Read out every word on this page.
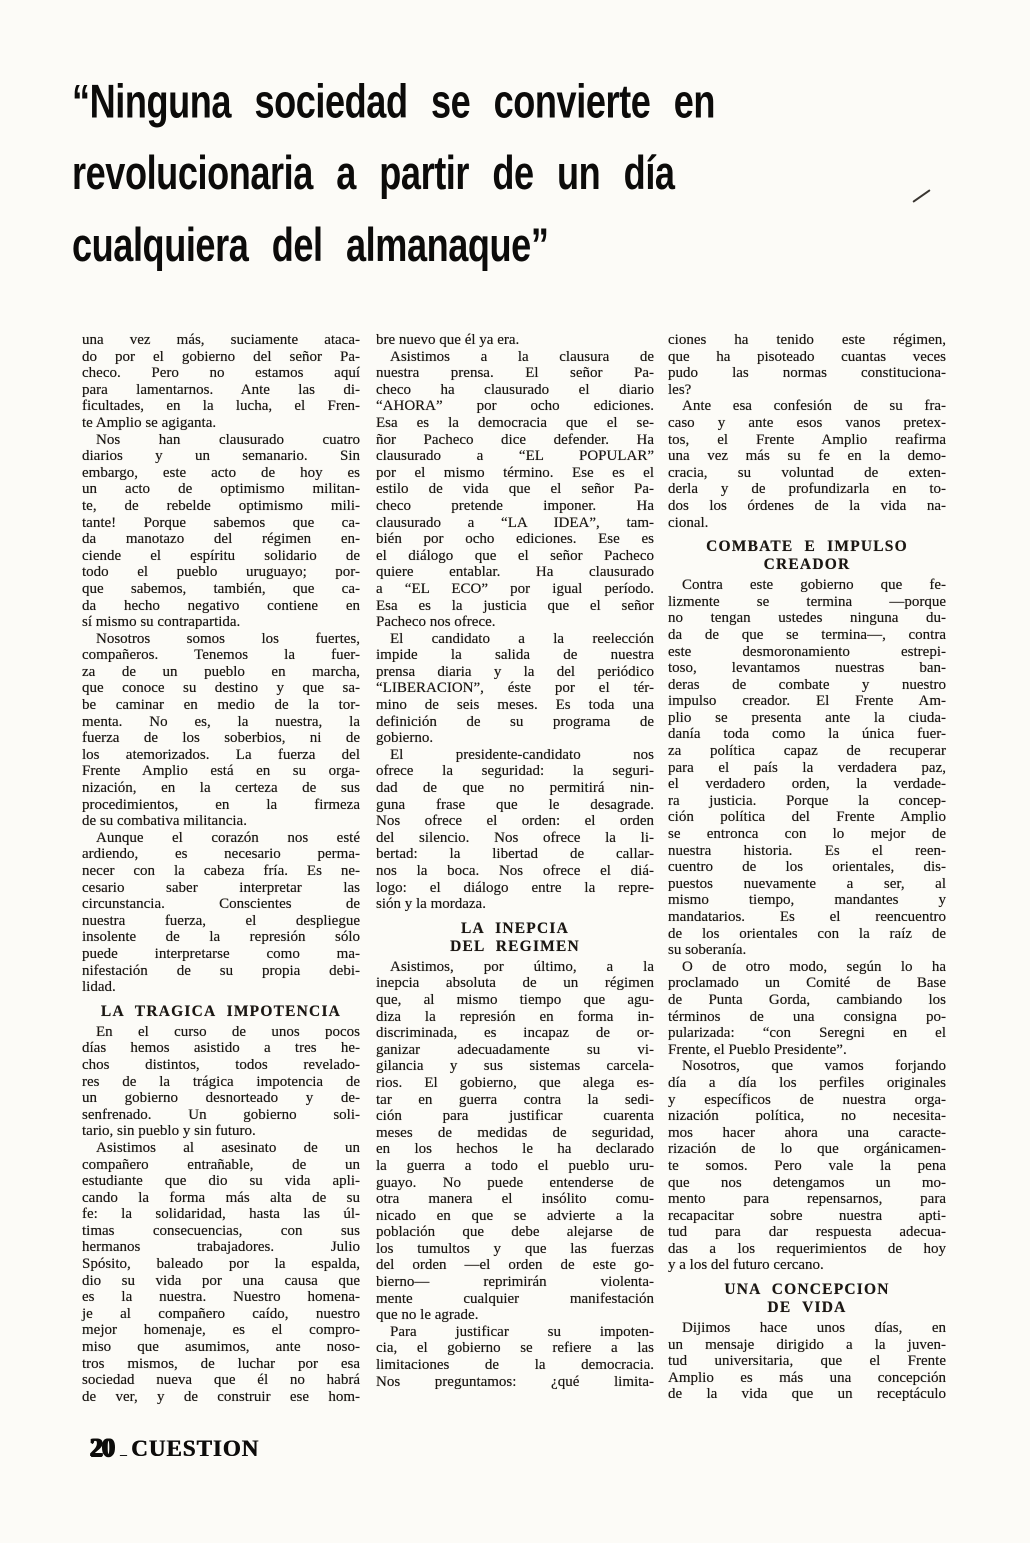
“Ninguna sociedad se convierte en
revolucionaria a partir de un día
cualquiera del almanaque”
una vez más, suciamente ataca-
do por el gobierno del señor Pa-
checo. Pero no estamos aquí
para lamentarnos. Ante las di-
ficultades, en la lucha, el Fren-
te Amplio se agiganta.
Nos han clausurado cuatro
diarios y un semanario. Sin
embargo, este acto de hoy es
un acto de optimismo militan-
te, de rebelde optimismo mili-
tante! Porque sabemos que ca-
da manotazo del régimen en-
ciende el espíritu solidario de
todo el pueblo uruguayo; por-
que sabemos, también, que ca-
da hecho negativo contiene en
sí mismo su contrapartida.
Nosotros somos los fuertes,
compañeros. Tenemos la fuer-
za de un pueblo en marcha,
que conoce su destino y que sa-
be caminar en medio de la tor-
menta. No es, la nuestra, la
fuerza de los soberbios, ni de
los atemorizados. La fuerza del
Frente Amplio está en su orga-
nización, en la certeza de sus
procedimientos, en la firmeza
de su combativa militancia.
Aunque el corazón nos esté
ardiendo, es necesario perma-
necer con la cabeza fría. Es ne-
cesario saber interpretar las
circunstancia. Conscientes de
nuestra fuerza, el despliegue
insolente de la represión sólo
puede interpretarse como ma-
nifestación de su propia debi-
lidad.
LA TRAGICA IMPOTENCIA
En el curso de unos pocos
días hemos asistido a tres he-
chos distintos, todos revelado-
res de la trágica impotencia de
un gobierno desnorteado y de-
senfrenado. Un gobierno soli-
tario, sin pueblo y sin futuro.
Asistimos al asesinato de un
compañero entrañable, de un
estudiante que dio su vida apli-
cando la forma más alta de su
fe: la solidaridad, hasta las úl-
timas consecuencias, con sus
hermanos trabajadores. Julio
Spósito, baleado por la espalda,
dio su vida por una causa que
es la nuestra. Nuestro homena-
je al compañero caído, nuestro
mejor homenaje, es el compro-
miso que asumimos, ante noso-
tros mismos, de luchar por esa
sociedad nueva que él no habrá
de ver, y de construir ese hom-
bre nuevo que él ya era.
Asistimos a la clausura de
nuestra prensa. El señor Pa-
checo ha clausurado el diario
“AHORA” por ocho ediciones.
Esa es la democracia que el se-
ñor Pacheco dice defender. Ha
clausurado a “EL POPULAR”
por el mismo término. Ese es el
estilo de vida que el señor Pa-
checo pretende imponer. Ha
clausurado a “LA IDEA”, tam-
bién por ocho ediciones. Ese es
el diálogo que el señor Pacheco
quiere entablar. Ha clausurado
a “EL ECO” por igual período.
Esa es la justicia que el señor
Pacheco nos ofrece.
El candidato a la reelección
impide la salida de nuestra
prensa diaria y la del periódico
“LIBERACION”, éste por el tér-
mino de seis meses. Es toda una
definición de su programa de
gobierno.
El presidente-candidato nos
ofrece la seguridad: la seguri-
dad de que no permitirá nin-
guna frase que le desagrade.
Nos ofrece el orden: el orden
del silencio. Nos ofrece la li-
bertad: la libertad de callar-
nos la boca. Nos ofrece el diá-
logo: el diálogo entre la repre-
sión y la mordaza.
LA INEPCIA
DEL REGIMEN
Asistimos, por último, a la
inepcia absoluta de un régimen
que, al mismo tiempo que agu-
diza la represión en forma in-
discriminada, es incapaz de or-
ganizar adecuadamente su vi-
gilancia y sus sistemas carcela-
rios. El gobierno, que alega es-
tar en guerra contra la sedi-
ción para justificar cuarenta
meses de medidas de seguridad,
en los hechos le ha declarado
la guerra a todo el pueblo uru-
guayo. No puede entenderse de
otra manera el insólito comu-
nicado en que se advierte a la
población que debe alejarse de
los tumultos y que las fuerzas
del orden —el orden de este go-
bierno— reprimirán violenta-
mente cualquier manifestación
que no le agrade.
Para justificar su impoten-
cia, el gobierno se refiere a las
limitaciones de la democracia.
Nos preguntamos: ¿qué limita-
ciones ha tenido este régimen,
que ha pisoteado cuantas veces
pudo las normas constituciona-
les?
Ante esa confesión de su fra-
caso y ante esos vanos pretex-
tos, el Frente Amplio reafirma
una vez más su fe en la demo-
cracia, su voluntad de exten-
derla y de profundizarla en to-
dos los órdenes de la vida na-
cional.
COMBATE E IMPULSO
CREADOR
Contra este gobierno que fe-
lizmente se termina —porque
no tengan ustedes ninguna du-
da de que se termina—, contra
este desmoronamiento estrepi-
toso, levantamos nuestras ban-
deras de combate y nuestro
impulso creador. El Frente Am-
plio se presenta ante la ciuda-
danía toda como la única fuer-
za política capaz de recuperar
para el país la verdadera paz,
el verdadero orden, la verdade-
ra justicia. Porque la concep-
ción política del Frente Amplio
se entronca con lo mejor de
nuestra historia. Es el reen-
cuentro de los orientales, dis-
puestos nuevamente a ser, al
mismo tiempo, mandantes y
mandatarios. Es el reencuentro
de los orientales con la raíz de
su soberanía.
O de otro modo, según lo ha
proclamado un Comité de Base
de Punta Gorda, cambiando los
términos de una consigna po-
pularizada: “con Seregni en el
Frente, el Pueblo Presidente”.
Nosotros, que vamos forjando
día a día los perfiles originales
y específicos de nuestra orga-
nización política, no necesita-
mos hacer ahora una caracte-
rización de lo que orgánicamen-
te somos. Pero vale la pena
que nos detengamos un mo-
mento para repensarnos, para
recapacitar sobre nuestra apti-
tud para dar respuesta adecua-
das a los requerimientos de hoy
y a los del futuro cercano.
UNA CONCEPCION
DE VIDA
Dijimos hace unos días, en
un mensaje dirigido a la juven-
tud universitaria, que el Frente
Amplio es más una concepción
de la vida que un receptáculo
20 _ CUESTION
